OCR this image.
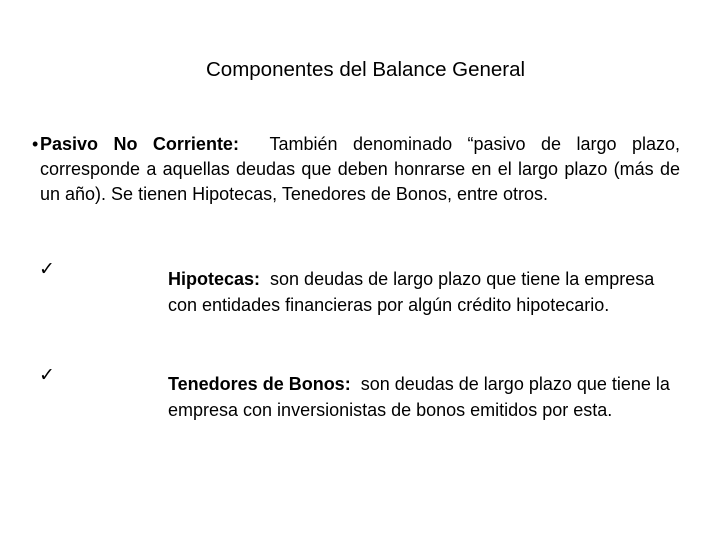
Componentes del Balance General

•Pasivo No Corriente:  También denominado “pasivo de largo plazo, corresponde a aquellas deudas que deben honrarse en el largo plazo (más de un año). Se tienen Hipotecas, Tenedores de Bonos, entre otros.

✓	Hipotecas:  son deudas de largo plazo que tiene la empresa con entidades financieras por algún crédito hipotecario.

✓	Tenedores de Bonos:  son deudas de largo plazo que tiene la empresa con inversionistas de bonos emitidos por esta.
